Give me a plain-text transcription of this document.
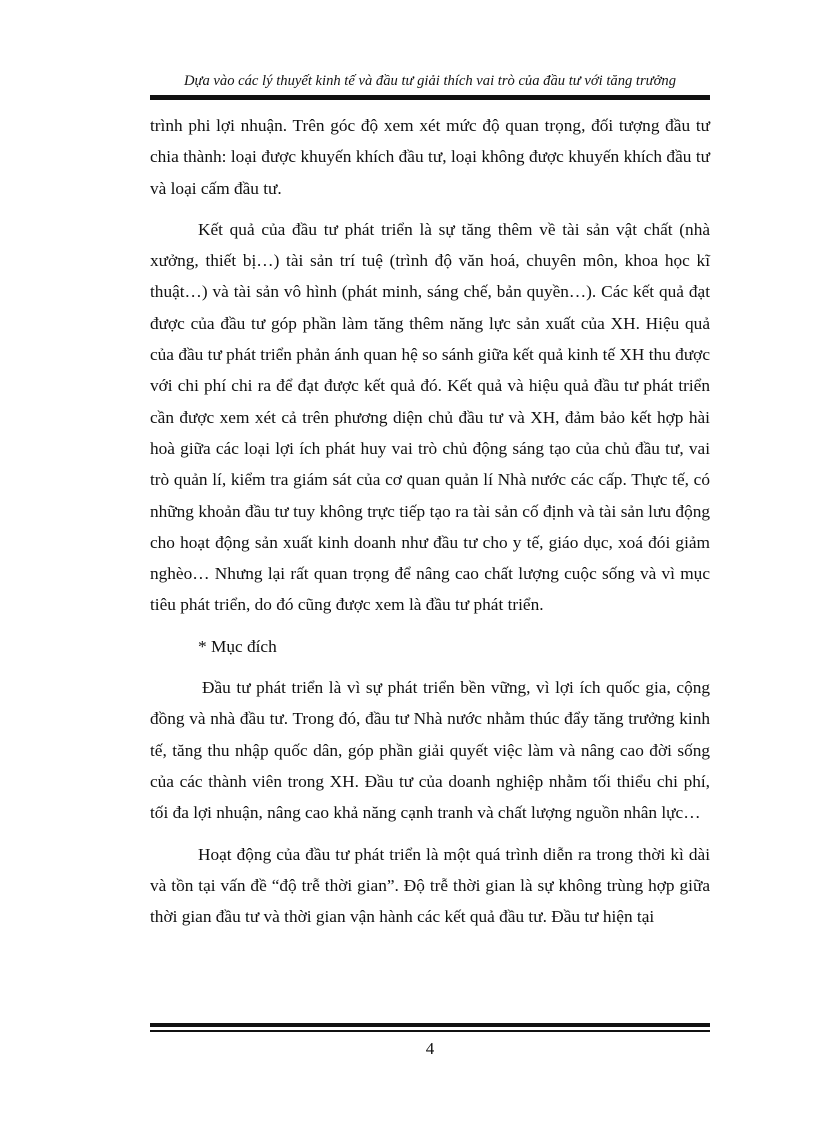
Dựa vào các lý thuyết kinh tế và đầu tư giải thích vai trò của đầu tư với tăng trưởng

trình phi lợi nhuận. Trên góc độ xem xét mức độ quan trọng, đối tượng đầu tư chia thành: loại được khuyến khích đầu tư, loại không được khuyến khích đầu tư và loại cấm đầu tư.

Kết quả của đầu tư phát triển là sự tăng thêm về tài sản vật chất (nhà xưởng, thiết bị…) tài sản trí tuệ (trình độ văn hoá, chuyên môn, khoa học kĩ thuật…) và tài sản vô hình (phát minh, sáng chế, bản quyền…). Các kết quả đạt được của đầu tư góp phần làm tăng thêm năng lực sản xuất của XH. Hiệu quả của đầu tư phát triển phản ánh quan hệ so sánh giữa kết quả kinh tế XH thu được với chi phí chi ra để đạt được kết quả đó. Kết quả và hiệu quả đầu tư phát triển cần được xem xét cả trên phương diện chủ đầu tư và XH, đảm bảo kết hợp hài hoà giữa các loại lợi ích phát huy vai trò chủ động sáng tạo của chủ đầu tư, vai trò quản lí, kiểm tra giám sát của cơ quan quản lí Nhà nước các cấp. Thực tế, có những khoản đầu tư tuy không trực tiếp tạo ra tài sản cố định và tài sản lưu động cho hoạt động sản xuất kinh doanh như đầu tư cho y tế, giáo dục, xoá đói giảm nghèo… Nhưng lại rất quan trọng để nâng cao chất lượng cuộc sống và vì mục tiêu phát triển, do đó cũng được xem là đầu tư phát triển.

* Mục đích

Đầu tư phát triển là vì sự phát triển bền vững, vì lợi ích quốc gia, cộng đồng và nhà đầu tư. Trong đó, đầu tư Nhà nước nhằm thúc đẩy tăng trưởng kinh tế, tăng thu nhập quốc dân, góp phần giải quyết việc làm và nâng cao đời sống của các thành viên trong XH. Đầu tư của doanh nghiệp nhằm tối thiểu chi phí, tối đa lợi nhuận, nâng cao khả năng cạnh tranh và chất lượng nguồn nhân lực…

Hoạt động của đầu tư phát triển là một quá trình diễn ra trong thời kì dài và tồn tại vấn đề “độ trễ thời gian”. Độ trễ thời gian là sự không trùng hợp giữa thời gian đầu tư và thời gian vận hành các kết quả đầu tư. Đầu tư hiện tại

4
